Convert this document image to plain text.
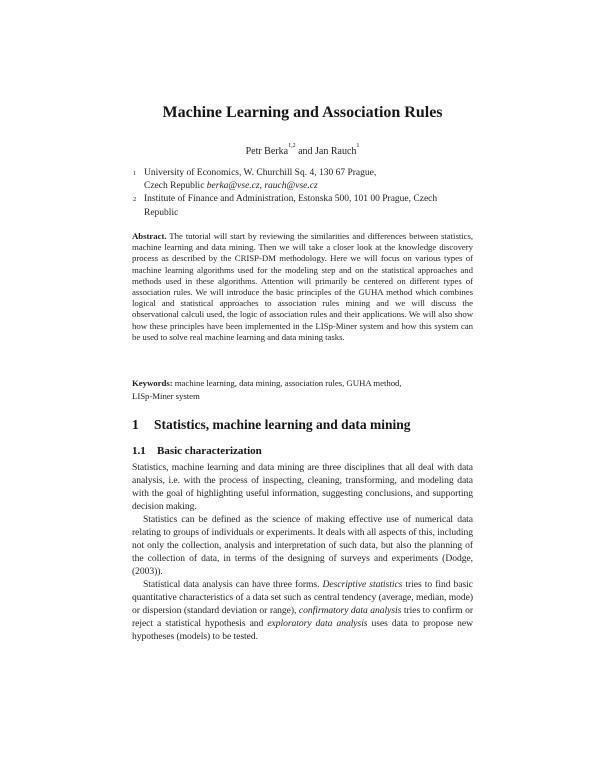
Machine Learning and Association Rules
Petr Berka$^{1,2}$ and Jan Rauch$^1$
1 University of Economics, W. Churchill Sq. 4, 130 67 Prague,
Czech Republic berka@vse.cz, rauch@vse.cz
2 Institute of Finance and Administration, Estonska 500, 101 00 Prague, Czech
Republic
Abstract. The tutorial will start by reviewing the similarities and differences between statistics, machine learning and data mining. Then we will take a closer look at the knowledge discovery process as described by the CRISP-DM methodology. Here we will focus on various types of machine learning algorithms used for the modeling step and on the statistical approaches and methods used in these algorithms. Attention will primarily be centered on different types of association rules. We will introduce the basic principles of the GUHA method which combines logical and statistical approaches to association rules mining and we will discuss the observational calculi used, the logic of association rules and their applications. We will also show how these principles have been implemented in the LISp-Miner system and how this system can be used to solve real machine learning and data mining tasks.
Keywords: machine learning, data mining, association rules, GUHA method,
LISp-Miner system
1 Statistics, machine learning and data mining
1.1 Basic characterization

Statistics, machine learning and data mining are three disciplines that all deal with data analysis, i.e. with the process of inspecting, cleaning, transforming, and modeling data with the goal of highlighting useful information, suggesting conclusions, and supporting decision making.

Statistics can be defined as the science of making effective use of numerical data relating to groups of individuals or experiments. It deals with all aspects of this, including not only the collection, analysis and interpretation of such data, but also the planning of the collection of data, in terms of the designing of surveys and experiments (Dodge, (2003)).

Statistical data analysis can have three forms. Descriptive statistics tries to find basic quantitative characteristics of a data set such as central tendency (average, median, mode) or dispersion (standard deviation or range), confirmatory data analysis tries to confirm or reject a statistical hypothesis and exploratory data analysis uses data to propose new hypotheses (models) to be tested.
